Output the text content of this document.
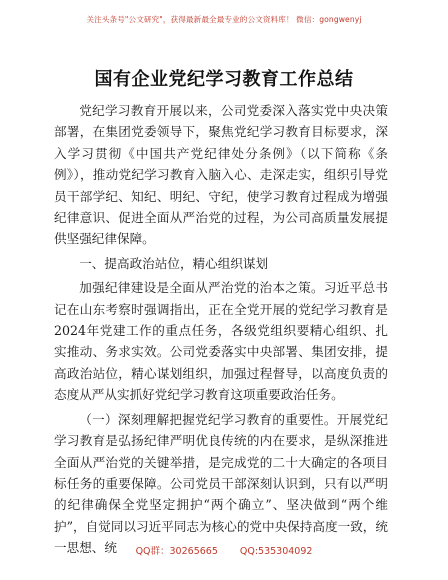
关注头条号"公文研究"，获得最新最全最专业的公文资料库！ 微信：gongwenyj
国有企业党纪学习教育工作总结

党纪学习教育开展以来，公司党委深入落实党中央决策部署，在集团党委领导下，聚焦党纪学习教育目标要求，深入学习贯彻《中国共产党纪律处分条例》（以下简称《条例》），推动党纪学习教育入脑入心、走深走实，组织引导党员干部学纪、知纪、明纪、守纪，使学习教育过程成为增强纪律意识、促进全面从严治党的过程，为公司高质量发展提供坚强纪律保障。

一、提高政治站位，精心组织谋划

加强纪律建设是全面从严治党的治本之策。习近平总书记在山东考察时强调指出，正在全党开展的党纪学习教育是2024年党建工作的重点任务，各级党组织要精心组织、扎实推动、务求实效。公司党委落实中央部署、集团安排，提高政治站位，精心谋划组织，加强过程督导，以高度负责的态度从严从实抓好党纪学习教育这项重要政治任务。

（一）深刻理解把握党纪学习教育的重要性。开展党纪学习教育是弘扬纪律严明优良传统的内在要求，是纵深推进全面从严治党的关键举措，是完成党的二十大确定的各项目标任务的重要保障。公司党员干部深刻认识到，只有以严明的纪律确保全党坚定拥护“两个确立”、坚决做到“两个维护”，自觉同以习近平同志为核心的党中央保持高度一致，统一思想、统	QQ群：30265665 QQ:535304092
